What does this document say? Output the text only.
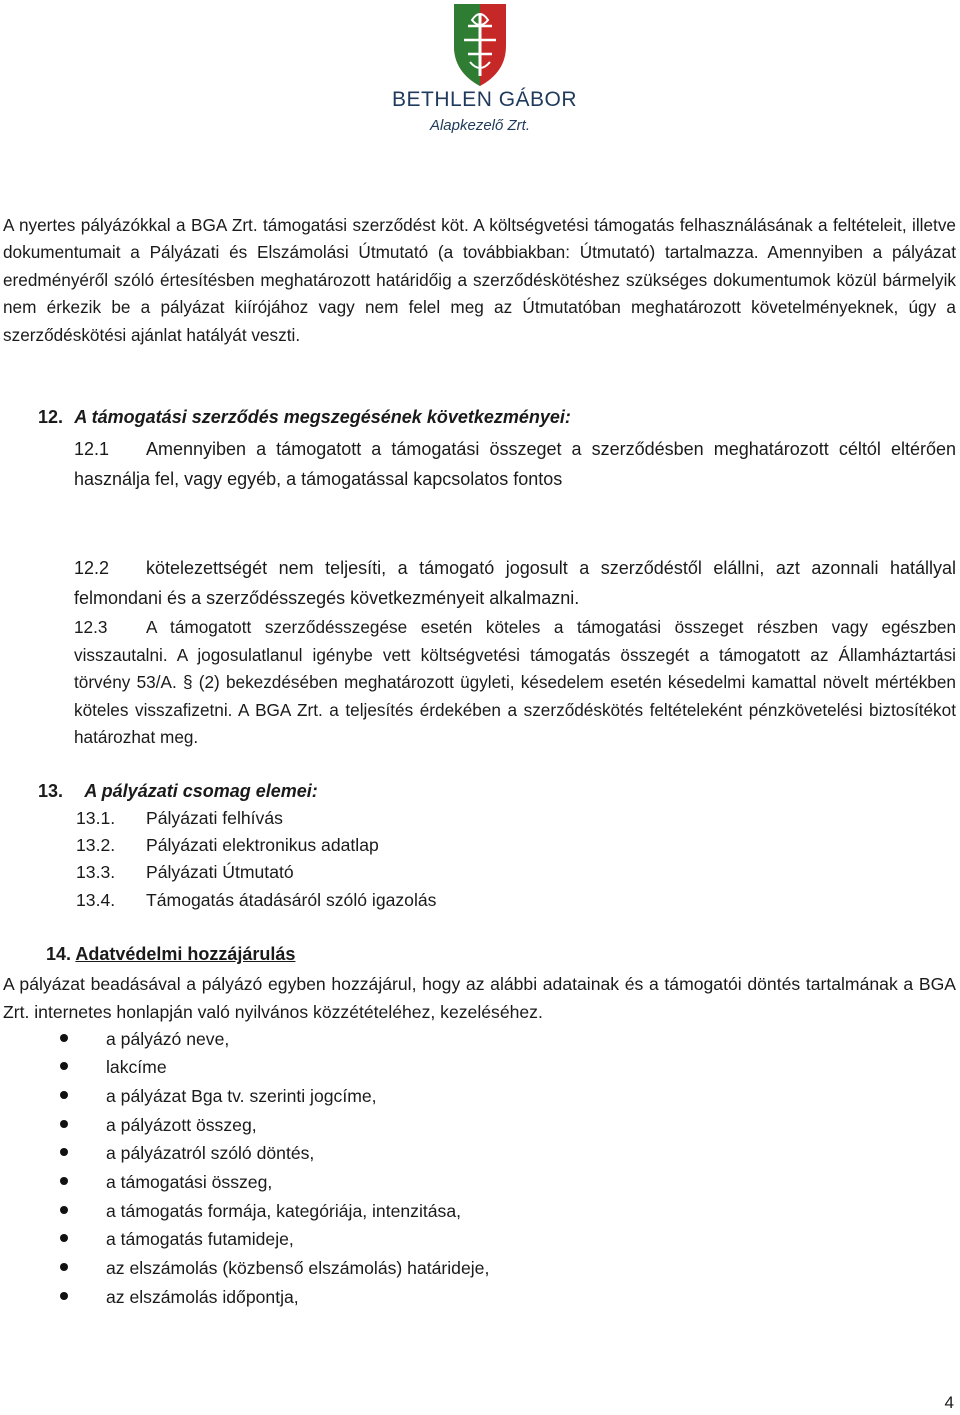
BETHLEN GÁBOR
Alapkezelő Zrt.

A nyertes pályázókkal a BGA Zrt. támogatási szerződést köt. A költségvetési támogatás felhasználásának a feltételeit, illetve dokumentumait a Pályázati és Elszámolási Útmutató (a továbbiakban: Útmutató) tartalmazza. Amennyiben a pályázat eredményéről szóló értesítésben meghatározott határidőig a szerződéskötéshez szükséges dokumentumok közül bármelyik nem érkezik be a pályázat kiírójához vagy nem felel meg az Útmutatóban meghatározott követelményeknek, úgy a szerződéskötési ajánlat hatályát veszti.

12. A támogatási szerződés megszegésének következményei:

12.1 Amennyiben a támogatott a támogatási összeget a szerződésben meghatározott céltól eltérően használja fel, vagy egyéb, a támogatással kapcsolatos fontos

12.2 kötelezettségét nem teljesíti, a támogató jogosult a szerződéstől elállni, azt azonnali hatállyal felmondani és a szerződésszegés következményeit alkalmazni.

12.3 A támogatott szerződésszegése esetén köteles a támogatási összeget részben vagy egészben visszautalni. A jogosulatlanul igénybe vett költségvetési támogatás összegét a támogatott az Államháztartási törvény 53/A. § (2) bekezdésében meghatározott ügyleti, késedelem esetén késedelmi kamattal növelt mértékben köteles visszafizetni. A BGA Zrt. a teljesítés érdekében a szerződéskötés feltételeként pénzkövetelési biztosítékot határozhat meg.

13. A pályázati csomag elemei:
13.1. Pályázati felhívás
13.2. Pályázati elektronikus adatlap
13.3. Pályázati Útmutató
13.4. Támogatás átadásáról szóló igazolás
14. Adatvédelmi hozzájárulás

A pályázat beadásával a pályázó egyben hozzájárul, hogy az alábbi adatainak és a támogatói döntés tartalmának a BGA Zrt. internetes honlapján való nyilvános közzétételéhez, kezeléséhez.

a pályázó neve,
lakcíme
a pályázat Bga tv. szerinti jogcíme,
a pályázott összeg,
a pályázatról szóló döntés,
a támogatási összeg,
a támogatás formája, kategóriája, intenzitása,
a támogatás futamideje,
az elszámolás (közbenső elszámolás) határideje,
az elszámolás időpontja,
4
